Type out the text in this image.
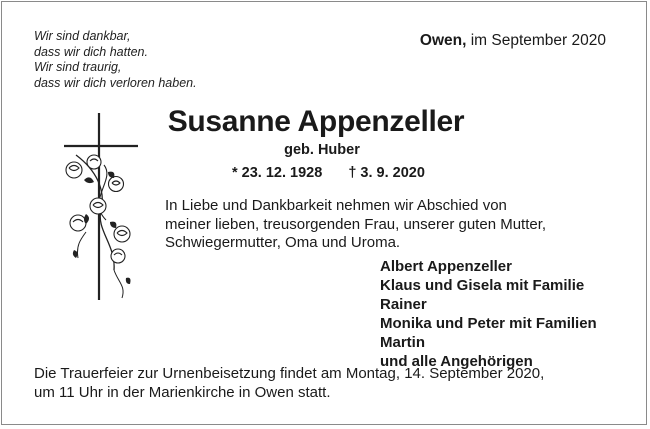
Wir sind dankbar,
dass wir dich hatten.
Wir sind traurig,
dass wir dich verloren haben.
Owen, im September 2020
Susanne Appenzeller
geb. Huber
* 23. 12. 1928 † 3. 9. 2020
In Liebe und Dankbarkeit nehmen wir Abschied von
meiner lieben, treusorgenden Frau, unserer guten Mutter,
Schwiegermutter, Oma und Uroma.
Albert Appenzeller
Klaus und Gisela mit Familie
Rainer
Monika und Peter mit Familien
Martin
und alle Angehörigen
Die Trauerfeier zur Urnenbeisetzung findet am Montag, 14. September 2020,
um 11 Uhr in der Marienkirche in Owen statt.
